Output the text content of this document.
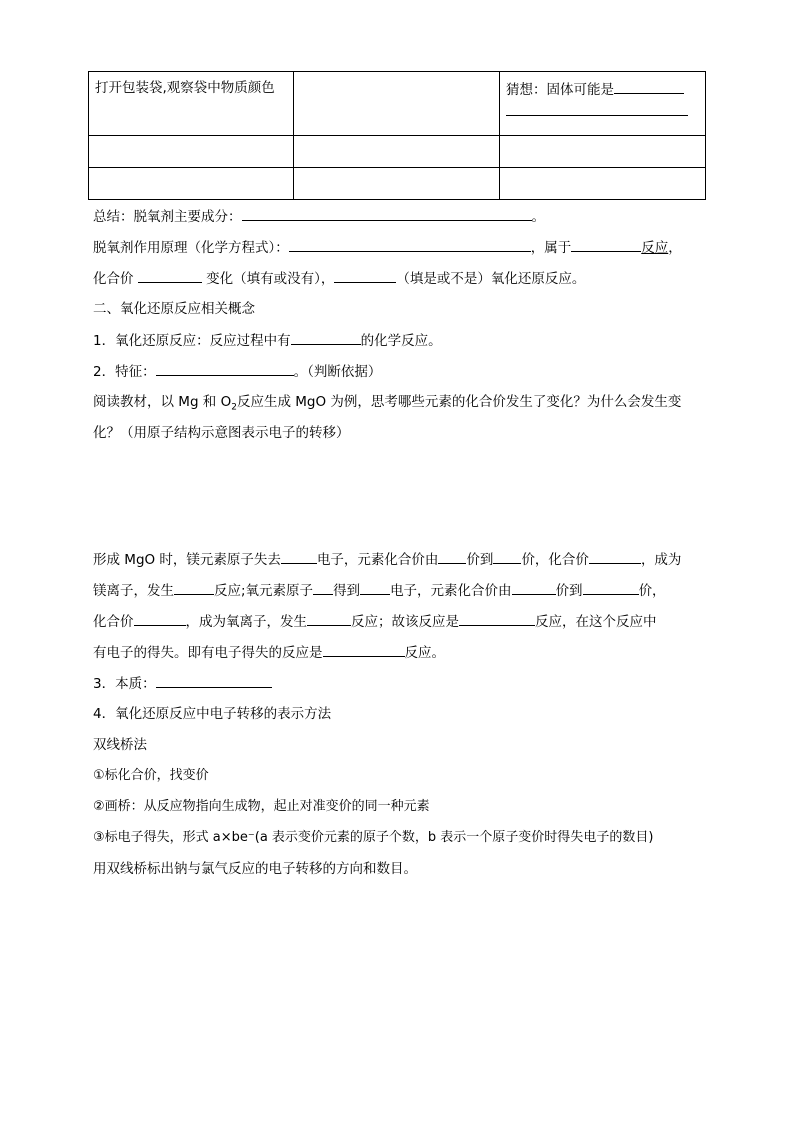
打开包装袋,观察袋中物质颜色		猜想：固体可能是

总结：脱氧剂主要成分：	。
脱氧剂作用原理（化学方程式）：	，属于	反应，
化合价	变化（填有或没有），	（填是或不是）氧化还原反应。
二、氧化还原反应相关概念
1．氧化还原反应：反应过程中有	的化学反应。
2．特征：	。（判断依据）
阅读教材，以 Mg 和 $O_2$反应生成 MgO 为例，思考哪些元素的化合价发生了变化？为什么会发生变
化？（用原子结构示意图表示电子的转移）
形成 MgO 时，镁元素原子失去	电子，元素化合价由 价到 价，化合价	，成为
镁离子，发生	反应;氧元素原子 得到 电子，元素化合价由	价到	价，
化合价	，成为氧离子，发生	反应；故该反应是	反应，在这个反应中
有电子的得失。即有电子得失的反应是	反应。
3．本质：
4．氧化还原反应中电子转移的表示方法
双线桥法
①标化合价，找变价
②画桥：从反应物指向生成物，起止对准变价的同一种元素
③标电子得失，形式 a×be⁻(a 表示变价元素的原子个数，b 表示一个原子变价时得失电子的数目)
用双线桥标出钠与氯气反应的电子转移的方向和数目。
